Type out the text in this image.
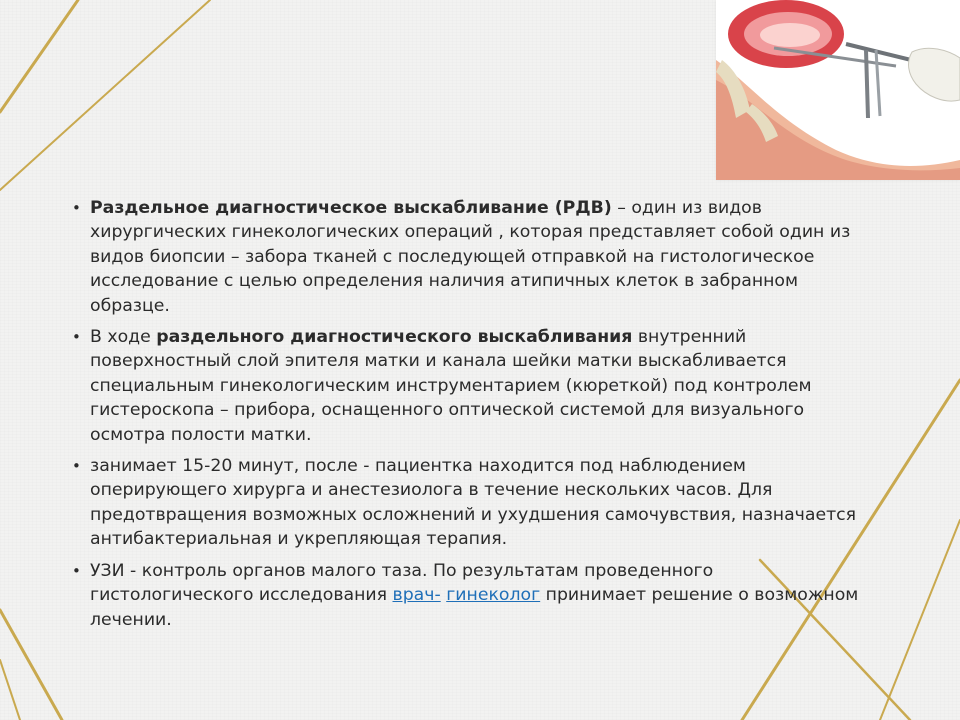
• Раздельное диагностическое выскабливание (РДВ) – один из видов хирургических гинекологических операций , которая представляет собой один из видов биопсии – забора тканей с последующей отправкой на гистологическое исследование с целью определения наличия атипичных клеток в забранном образце.
• В ходе раздельного диагностического выскабливания внутренний поверхностный слой эпителя матки и канала шейки матки выскабливается специальным гинекологическим инструментарием (кюреткой) под контролем гистероскопа – прибора, оснащенного оптической системой для визуального осмотра полости матки.
• занимает 15-20 минут, после - пациентка находится под наблюдением оперирующего хирурга и анестезиолога в течение нескольких часов. Для предотвращения возможных осложнений и ухудшения самочувствия, назначается антибактериальная и укрепляющая терапия.
• УЗИ - контроль органов малого таза. По результатам проведенного гистологического исследования врач- гинеколог принимает решение о возможном лечении.
